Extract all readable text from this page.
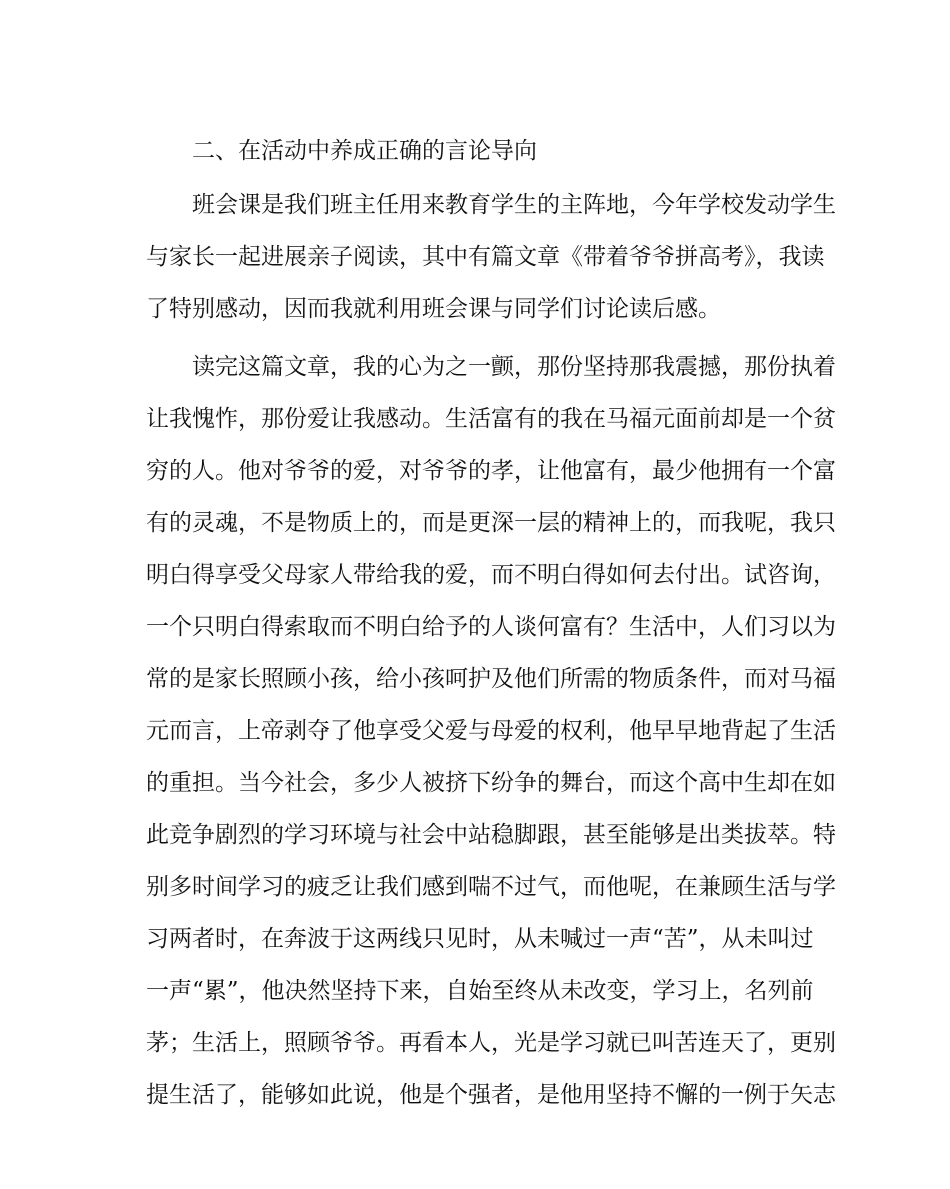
二、在活动中养成正确的言论导向
班会课是我们班主任用来教育学生的主阵地，今年学校发动学生
与家长一起进展亲子阅读，其中有篇文章《带着爷爷拼高考》，我读
了特别感动，因而我就利用班会课与同学们讨论读后感。
读完这篇文章，我的心为之一颤，那份坚持那我震撼，那份执着
让我愧怍，那份爱让我感动。生活富有的我在马福元面前却是一个贫
穷的人。他对爷爷的爱，对爷爷的孝，让他富有，最少他拥有一个富
有的灵魂，不是物质上的，而是更深一层的精神上的，而我呢，我只
明白得享受父母家人带给我的爱，而不明白得如何去付出。试咨询，
一个只明白得索取而不明白给予的人谈何富有？生活中，人们习以为
常的是家长照顾小孩，给小孩呵护及他们所需的物质条件，而对马福
元而言，上帝剥夺了他享受父爱与母爱的权利，他早早地背起了生活
的重担。当今社会，多少人被挤下纷争的舞台，而这个高中生却在如
此竞争剧烈的学习环境与社会中站稳脚跟，甚至能够是出类拔萃。特
别多时间学习的疲乏让我们感到喘不过气，而他呢，在兼顾生活与学
习两者时，在奔波于这两线只见时，从未喊过一声“苦”，从未叫过
一声“累”，他决然坚持下来，自始至终从未改变，学习上，名列前
茅；生活上，照顾爷爷。再看本人，光是学习就已叫苦连天了，更别
提生活了，能够如此说，他是个强者，是他用坚持不懈的一例于矢志
